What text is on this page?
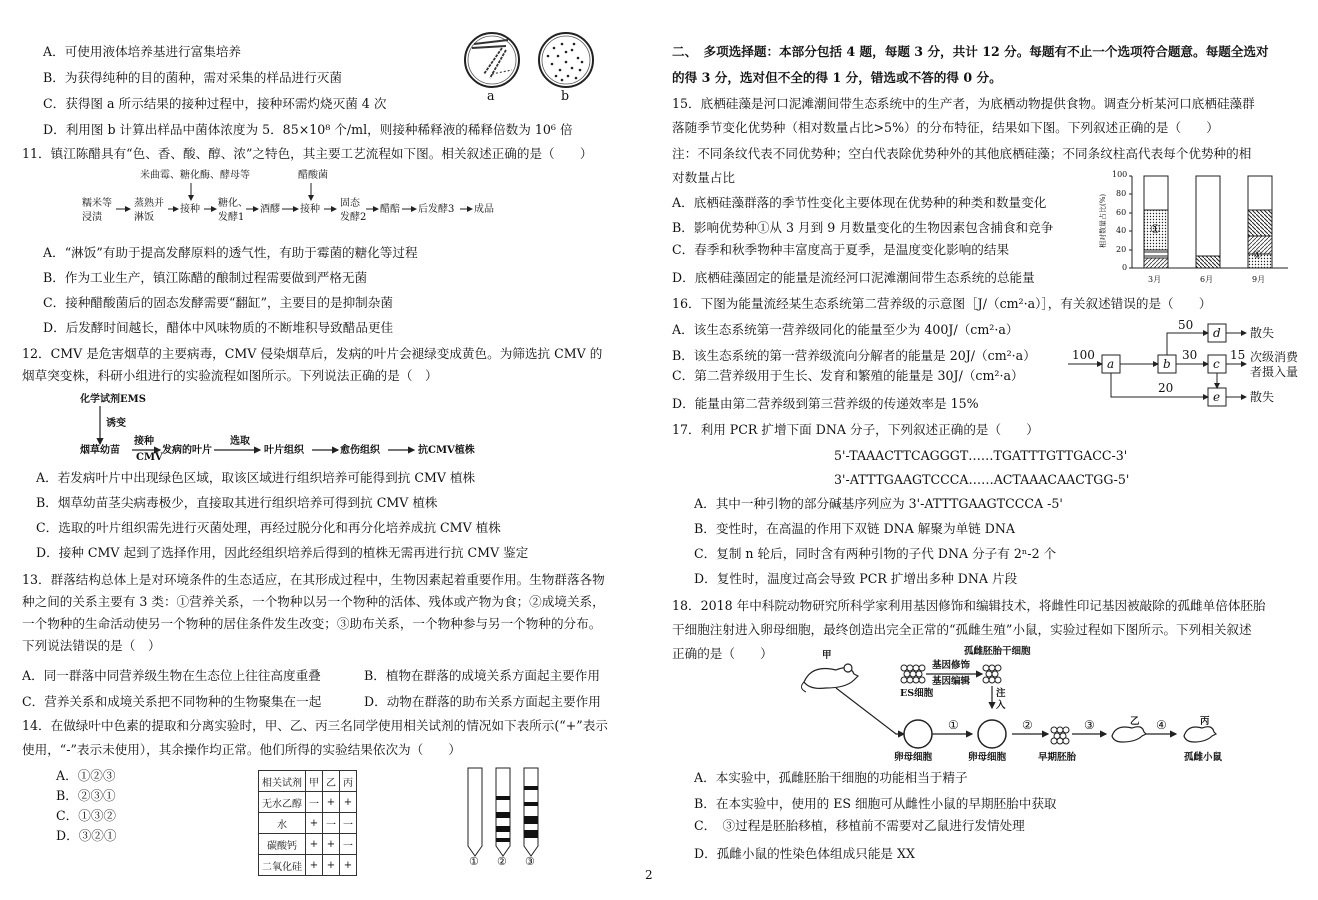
A．可使用液体培养基进行富集培养
B．为获得纯种的目的菌种，需对采集的样品进行灭菌
C．获得图 a 所示结果的接种过程中，接种环需灼烧灭菌 4 次
D．利用图 b 计算出样品中菌体浓度为 5．85×10⁸ 个/ml，则接种稀释液的稀释倍数为 10⁶ 倍
a	b
11．镇江陈醋具有“色、香、酸、醇、浓”之特色，其主要工艺流程如下图。相关叙述正确的是（　　）
米曲霉、糖化酶、酵母等	醋酸菌
糯米等
浸渍
蒸熟并
淋饭
接种
糖化、
发酵1
酒醪 接种
固态
发酵2
醋醅 后发酵3 成品
A．“淋饭”有助于提高发酵原料的透气性，有助于霉菌的糖化等过程
B．作为工业生产，镇江陈醋的酿制过程需要做到严格无菌
C．接种醋酸菌后的固态发酵需要“翻缸”，主要目的是抑制杂菌
D．后发酵时间越长，醋体中风味物质的不断堆积导致醋品更佳
12．CMV 是危害烟草的主要病毒，CMV 侵染烟草后，发病的叶片会褪绿变成黄色。为筛选抗 CMV 的
烟草突变株，科研小组进行的实验流程如图所示。下列说法正确的是（　）
化学试剂EMS
诱变
烟草幼苗
接种
CMV
发病的叶片
选取
叶片组织	愈伤组织	抗CMV植株
A．若发病叶片中出现绿色区域，取该区域进行组织培养可能得到抗 CMV 植株
B．烟草幼苗茎尖病毒极少，直接取其进行组织培养可得到抗 CMV 植株
C．选取的叶片组织需先进行灭菌处理，再经过脱分化和再分化培养成抗 CMV 植株
D．接种 CMV 起到了选择作用，因此经组织培养后得到的植株无需再进行抗 CMV 鉴定
13．群落结构总体上是对环境条件的生态适应，在其形成过程中，生物因素起着重要作用。生物群落各物
种之间的关系主要有 3 类：①营养关系，一个物种以另一个物种的活体、残体或产物为食；②成境关系，
一个物种的生命活动使另一个物种的居住条件发生改变；③助布关系，一个物种参与另一个物种的分布。
下列说法错误的是（　）
A．同一群落中同营养级生物在生态位上往往高度重叠	B．植物在群落的成境关系方面起主要作用
C．营养关系和成境关系把不同物种的生物聚集在一起	D．动物在群落的助布关系方面起主要作用
14．在做绿叶中色素的提取和分离实验时，甲、乙、丙三名同学使用相关试剂的情况如下表所示(“+”表示
使用，“-”表示未使用），其余操作均正常。他们所得的实验结果依次为（　　）
A．①②③
B．②③①
C．①③②
D．③②①
相关试剂	甲	乙	丙
无水乙醇	一	+	+
水	+	一	一
碳酸钙	+	+	一
二氧化硅	+	+	+	① ② ③
二、　多项选择题：本部分包括 4 题，每题 3 分，共计 12 分。每题有不止一个选项符合题意。每题全选对
的得 3 分，选对但不全的得 1 分，错选或不答的得 0 分。
15．底栖硅藻是河口泥滩潮间带生态系统中的生产者，为底栖动物提供食物。调查分析某河口底栖硅藻群
落随季节变化优势种（相对数量占比>5%）的分布特征，结果如下图。下列叙述正确的是（　　）
注：不同条纹代表不同优势种；空白代表除优势种外的其他底栖硅藻；不同条纹柱高代表每个优势种的相
对数量占比
A．底栖硅藻群落的季节性变化主要体现在优势种的种类和数量变化
B．影响优势种①从 3 月到 9 月数量变化的生物因素包含捕食和竞争
C．春季和秋季物种丰富度高于夏季，是温度变化影响的结果
D．底栖硅藻固定的能量是流经河口泥滩潮间带生态系统的总能量
相对数量占比(%)
100
80
60
40
20
0
3月	6月	9月
①
①
16．下图为能量流经某生态系统第二营养级的示意图［J/（cm²·a）］，有关叙述错误的是（　　）
A．该生态系统第一营养级同化的能量至少为 400J/（cm²·a）
B．该生态系统的第一营养级流向分解者的能量是 20J/（cm²·a）
C．第二营养级用于生长、发育和繁殖的能量是 30J/（cm²·a）
D．能量由第二营养级到第三营养级的传递效率是 15%
a	b
d
c
e
100
50
30	15
20
散失
散失
次级消费
者摄入量
17．利用 PCR 扩增下面 DNA 分子，下列叙述正确的是（　　）
5'-TAAACTTCAGGGT……TGATTTGTTGACC-3'
3'-ATTTGAAGTCCCA……ACTAAACAACTGG-5'
A．其中一种引物的部分碱基序列应为 3'-ATTTGAAGTCCCA -5'
B．变性时，在高温的作用下双链 DNA 解聚为单链 DNA
C．复制 n 轮后，同时含有两种引物的子代 DNA 分子有 2ⁿ-2 个
D．复性时，温度过高会导致 PCR 扩增出多种 DNA 片段
18．2018 年中科院动物研究所科学家利用基因修饰和编辑技术，将雌性印记基因被敲除的孤雌单倍体胚胎
干细胞注射进入卵母细胞，最终创造出完全正常的“孤雌生殖”小鼠，实验过程如下图所示。下列相关叙述
正确的是（　　）	甲
ES细胞
孤雌胚胎干细胞
基因修饰
基因编辑
注
入
卵母细胞	卵母细胞	早期胚胎
①	②	③	④
乙	丙
孤雌小鼠
A．本实验中，孤雌胚胎干细胞的功能相当于精子
B．在本实验中，使用的 ES 细胞可从雌性小鼠的早期胚胎中获取
C．　③过程是胚胎移植，移植前不需要对乙鼠进行发情处理
D．孤雌小鼠的性染色体组成只能是 XX
2
